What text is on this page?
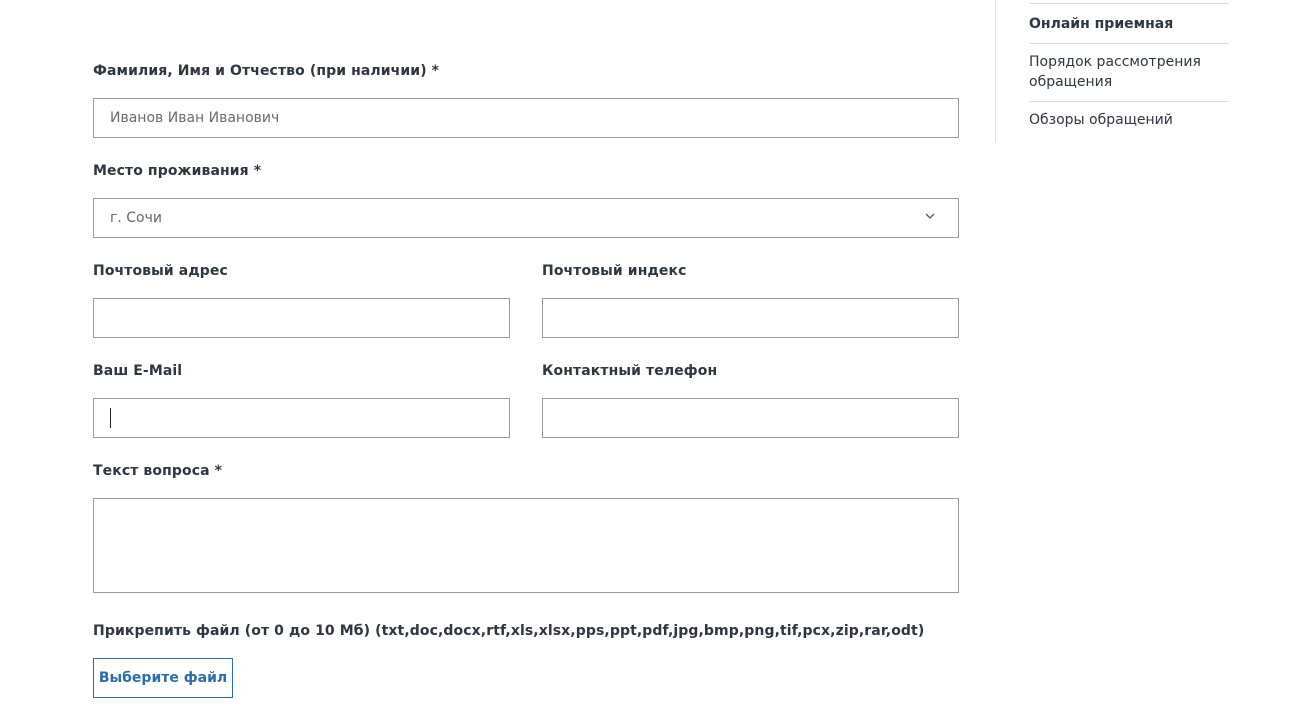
Фамилия, Имя и Отчество (при наличии) *
Иванов Иван Иванович
Место проживания *
г. Сочи
Почтовый адрес	Почтовый индекс
Ваш E-Mail	Контактный телефон
Текст вопроса *
Прикрепить файл (от 0 до 10 Мб) (txt,doc,docx,rtf,xls,xlsx,pps,ppt,pdf,jpg,bmp,png,tif,pcx,zip,rar,odt)
Выберите файл
Онлайн приемная
Порядок рассмотрения обращения
Обзоры обращений
